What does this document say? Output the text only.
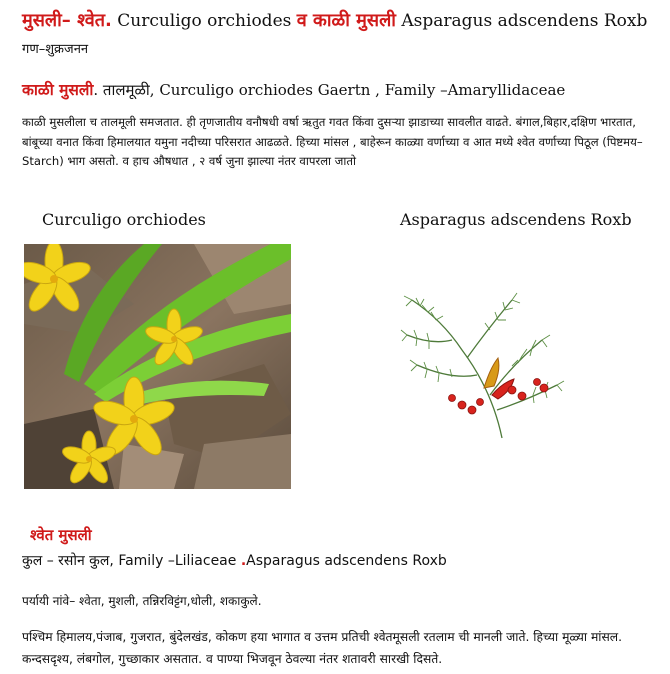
मुसली– श्वेत. Curculigo orchiodes व काळी मुसली Asparagus adscendens Roxb
गण–शुक्रजनन
काळी मुसली. तालमूळी, Curculigo orchiodes Gaertn , Family –Amaryllidaceae
काळी मुसलीला च तालमूली समजतात. ही तृणजातीय वनौषधी वर्षा ऋतुत गवत किंवा दुसऱ्या झाडाच्या सावलीत वाढते. बंगाल,बिहार,दक्षिण भारतात, बांबूच्या वनात किंवा हिमालयात यमुना नदीच्या परिसरात आढळते. हिच्या मांसल , बाहेरून काळ्या वर्णाच्या व आत मध्ये श्वेत वर्णाच्या पिठूल (पिष्टमय–Starch) भाग असतो. व हाच औषधात , २ वर्ष जुना झाल्या नंतर वापरला जातो
Curculigo orchiodes	Asparagus adscendens Roxb
श्वेत मुसली
कुल – रसोन कुल, Family –Liliaceae .Asparagus adscendens Roxb
पर्यायी नांवे– श्वेता, मुशली, तन्निरविट्टंग,धोली, शकाकुले.
पश्चिम हिमालय,पंजाब, गुजरात, बुंदेलखंड, कोकण हया भागात व उत्तम प्रतिची श्वेतमूसली रतलाम ची मानली जाते. हिच्या मूळ्या मांसल. कन्दसदृश्य, लंबगोल, गुच्छाकार असतात. व पाण्या भिजवून ठेवल्या नंतर शतावरी सारखी दिसते.
